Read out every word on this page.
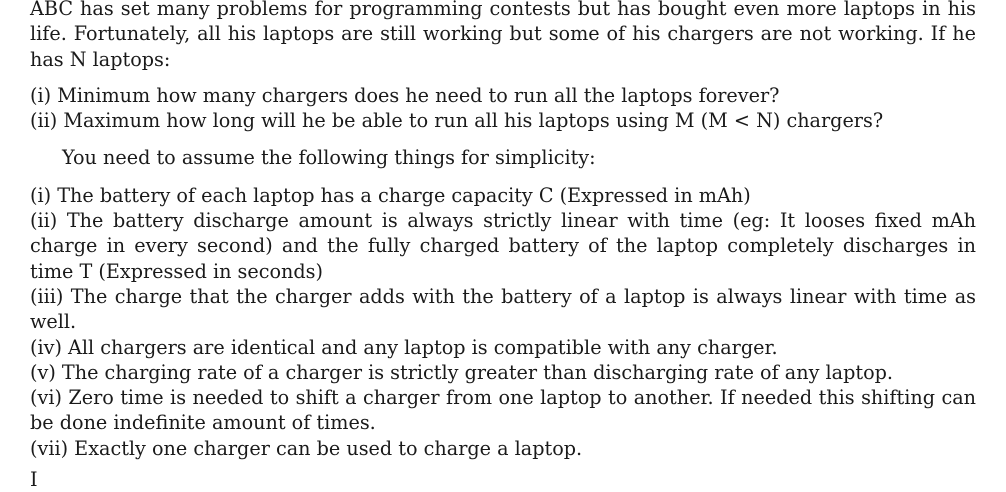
ABC has set many problems for programming contests but has bought even more laptops in his life. Fortunately, all his laptops are still working but some of his chargers are not working. If he has N laptops:

(i) Minimum how many chargers does he need to run all the laptops forever?
(ii) Maximum how long will he be able to run all his laptops using M (M < N) chargers?

You need to assume the following things for simplicity:

(i) The battery of each laptop has a charge capacity C (Expressed in mAh)
(ii) The battery discharge amount is always strictly linear with time (eg: It looses fixed mAh charge in every second) and the fully charged battery of the laptop completely discharges in time T (Expressed in seconds)
(iii) The charge that the charger adds with the battery of a laptop is always linear with time as well.
(iv) All chargers are identical and any laptop is compatible with any charger.
(v) The charging rate of a charger is strictly greater than discharging rate of any laptop.
(vi) Zero time is needed to shift a charger from one laptop to another. If needed this shifting can be done indefinite amount of times.
(vii) Exactly one charger can be used to charge a laptop.
I
